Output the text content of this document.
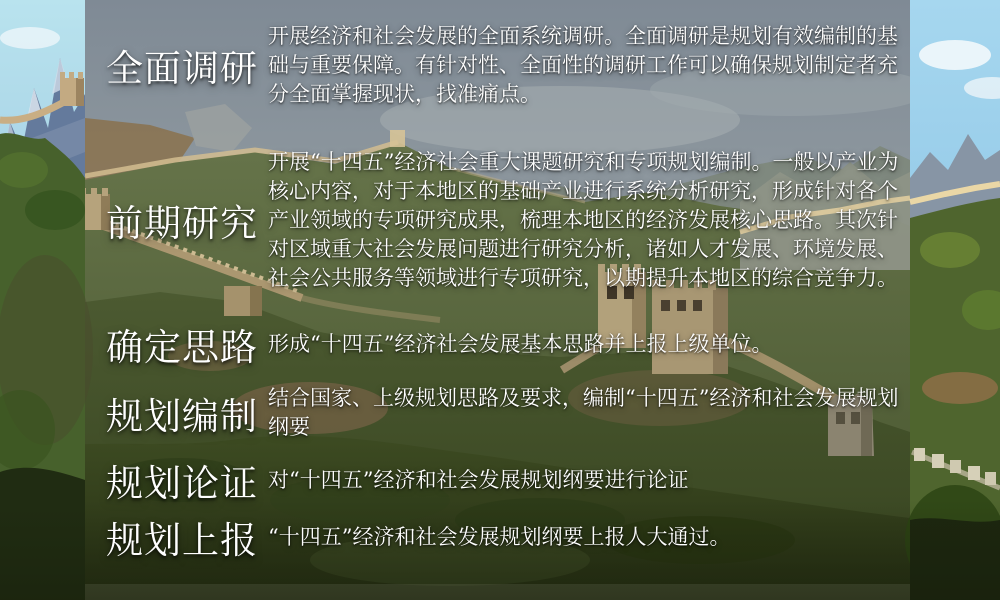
全面调研
开展经济和社会发展的全面系统调研。全面调研是规划有效编制的基础与重要保障。有针对性、全面性的调研工作可以确保规划制定者充分全面掌握现状，找准痛点。
前期研究
开展“十四五”经济社会重大课题研究和专项规划编制。一般以产业为核心内容，对于本地区的基础产业进行系统分析研究，形成针对各个产业领域的专项研究成果，梳理本地区的经济发展核心思路。其次针对区域重大社会发展问题进行研究分析，诸如人才发展、环境发展、社会公共服务等领域进行专项研究，以期提升本地区的综合竞争力。
确定思路 形成“十四五”经济社会发展基本思路并上报上级单位。
规划编制 结合国家、上级规划思路及要求，编制“十四五”经济和社会发展规划纲要
规划论证 对“十四五”经济和社会发展规划纲要进行论证
规划上报 “十四五”经济和社会发展规划纲要上报人大通过。
